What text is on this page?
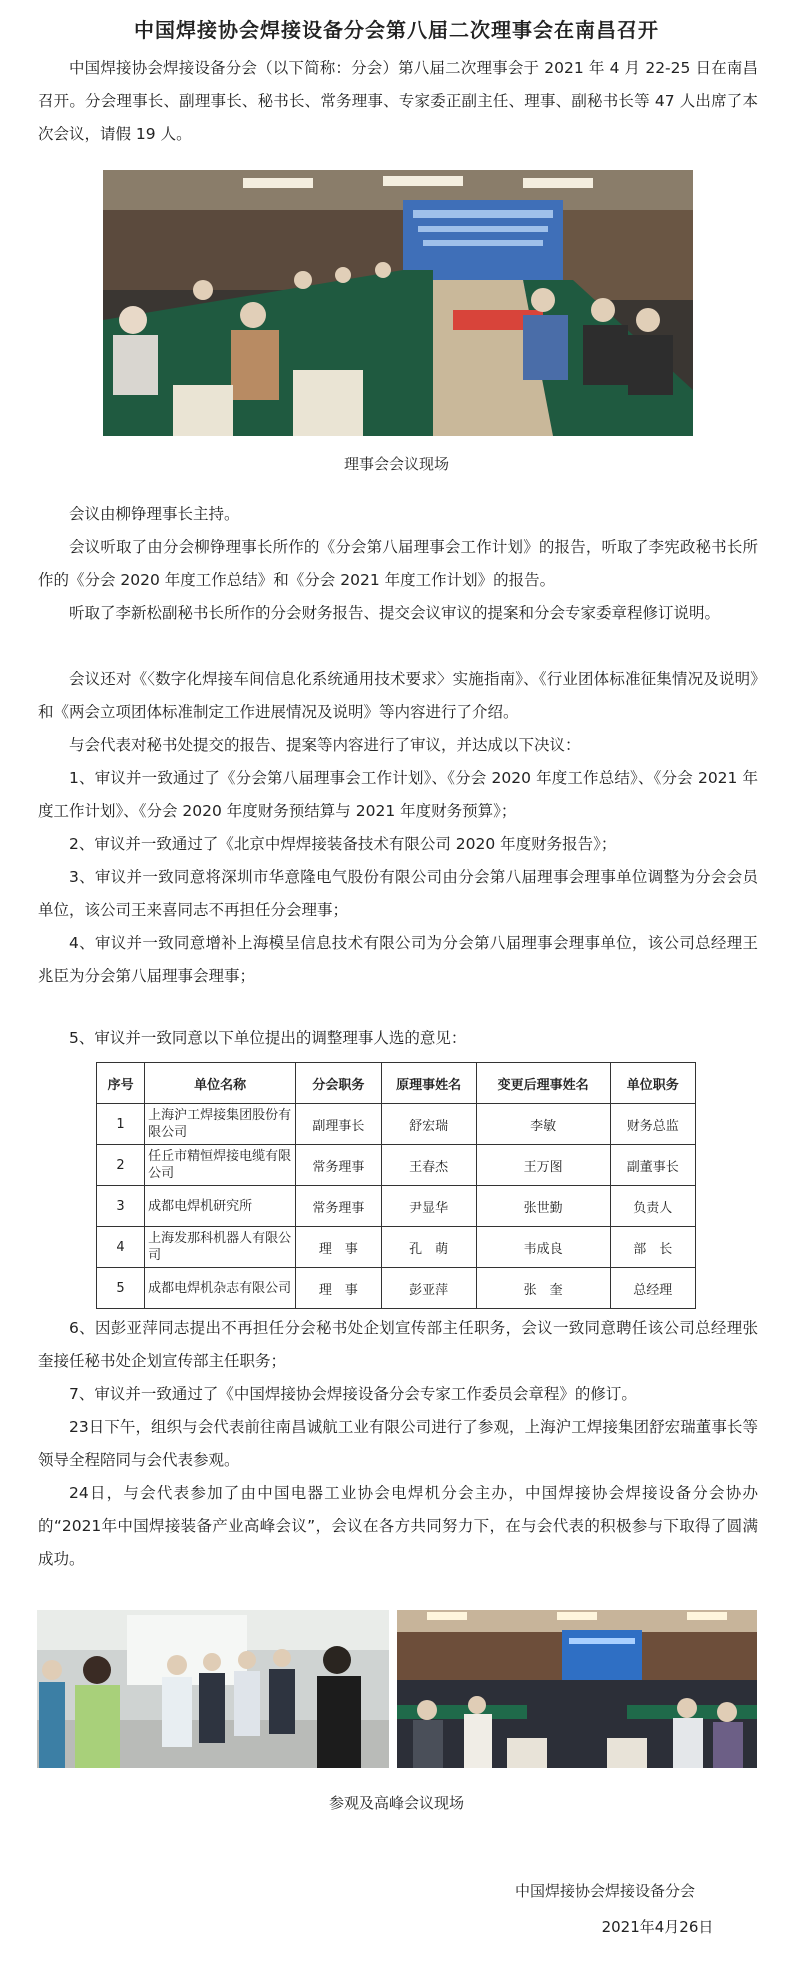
中国焊接协会焊接设备分会第八届二次理事会在南昌召开

中国焊接协会焊接设备分会（以下简称：分会）第八届二次理事会于 2021 年 4 月 22-25 日在南昌召开。分会理事长、副理事长、秘书长、常务理事、专家委正副主任、理事、副秘书长等 47 人出席了本次会议，请假 19 人。

理事会会议现场

会议由柳铮理事长主持。

会议听取了由分会柳铮理事长所作的《分会第八届理事会工作计划》的报告，听取了李宪政秘书长所作的《分会 2020 年度工作总结》和《分会 2021 年度工作计划》的报告。

听取了李新松副秘书长所作的分会财务报告、提交会议审议的提案和分会专家委章程修订说明。

会议还对《〈数字化焊接车间信息化系统通用技术要求〉实施指南》、《行业团体标准征集情况及说明》和《两会立项团体标准制定工作进展情况及说明》等内容进行了介绍。

与会代表对秘书处提交的报告、提案等内容进行了审议，并达成以下决议：

1、审议并一致通过了《分会第八届理事会工作计划》、《分会 2020 年度工作总结》、《分会 2021 年度工作计划》、《分会 2020 年度财务预结算与 2021 年度财务预算》；

2、审议并一致通过了《北京中焊焊接装备技术有限公司 2020 年度财务报告》；

3、审议并一致同意将深圳市华意隆电气股份有限公司由分会第八届理事会理事单位调整为分会会员单位，该公司王来喜同志不再担任分会理事；

4、审议并一致同意增补上海模呈信息技术有限公司为分会第八届理事会理事单位，该公司总经理王兆臣为分会第八届理事会理事；

5、审议并一致同意以下单位提出的调整理事人选的意见：

序号	单位名称	分会职务	原理事姓名	变更后理事姓名	单位职务
1	上海沪工焊接集团股份有限公司	副理事长	舒宏瑞	李敏	财务总监
2	任丘市精恒焊接电缆有限公司	常务理事	王春杰	王万图	副董事长
3	成都电焊机研究所	常务理事	尹显华	张世勤	负责人
4	上海发那科机器人有限公司	理　事	孔　萌	韦成良	部　长
5	成都电焊机杂志有限公司	理　事	彭亚萍	张　奎	总经理

6、因彭亚萍同志提出不再担任分会秘书处企划宣传部主任职务，会议一致同意聘任该公司总经理张奎接任秘书处企划宣传部主任职务；

7、审议并一致通过了《中国焊接协会焊接设备分会专家工作委员会章程》的修订。

23日下午，组织与会代表前往南昌诚航工业有限公司进行了参观，上海沪工焊接集团舒宏瑞董事长等领导全程陪同与会代表参观。

24日，与会代表参加了由中国电器工业协会电焊机分会主办，中国焊接协会焊接设备分会协办的“2021年中国焊接装备产业高峰会议”，会议在各方共同努力下，在与会代表的积极参与下取得了圆满成功。

参观及高峰会议现场
中国焊接协会焊接设备分会
2021年4月26日
